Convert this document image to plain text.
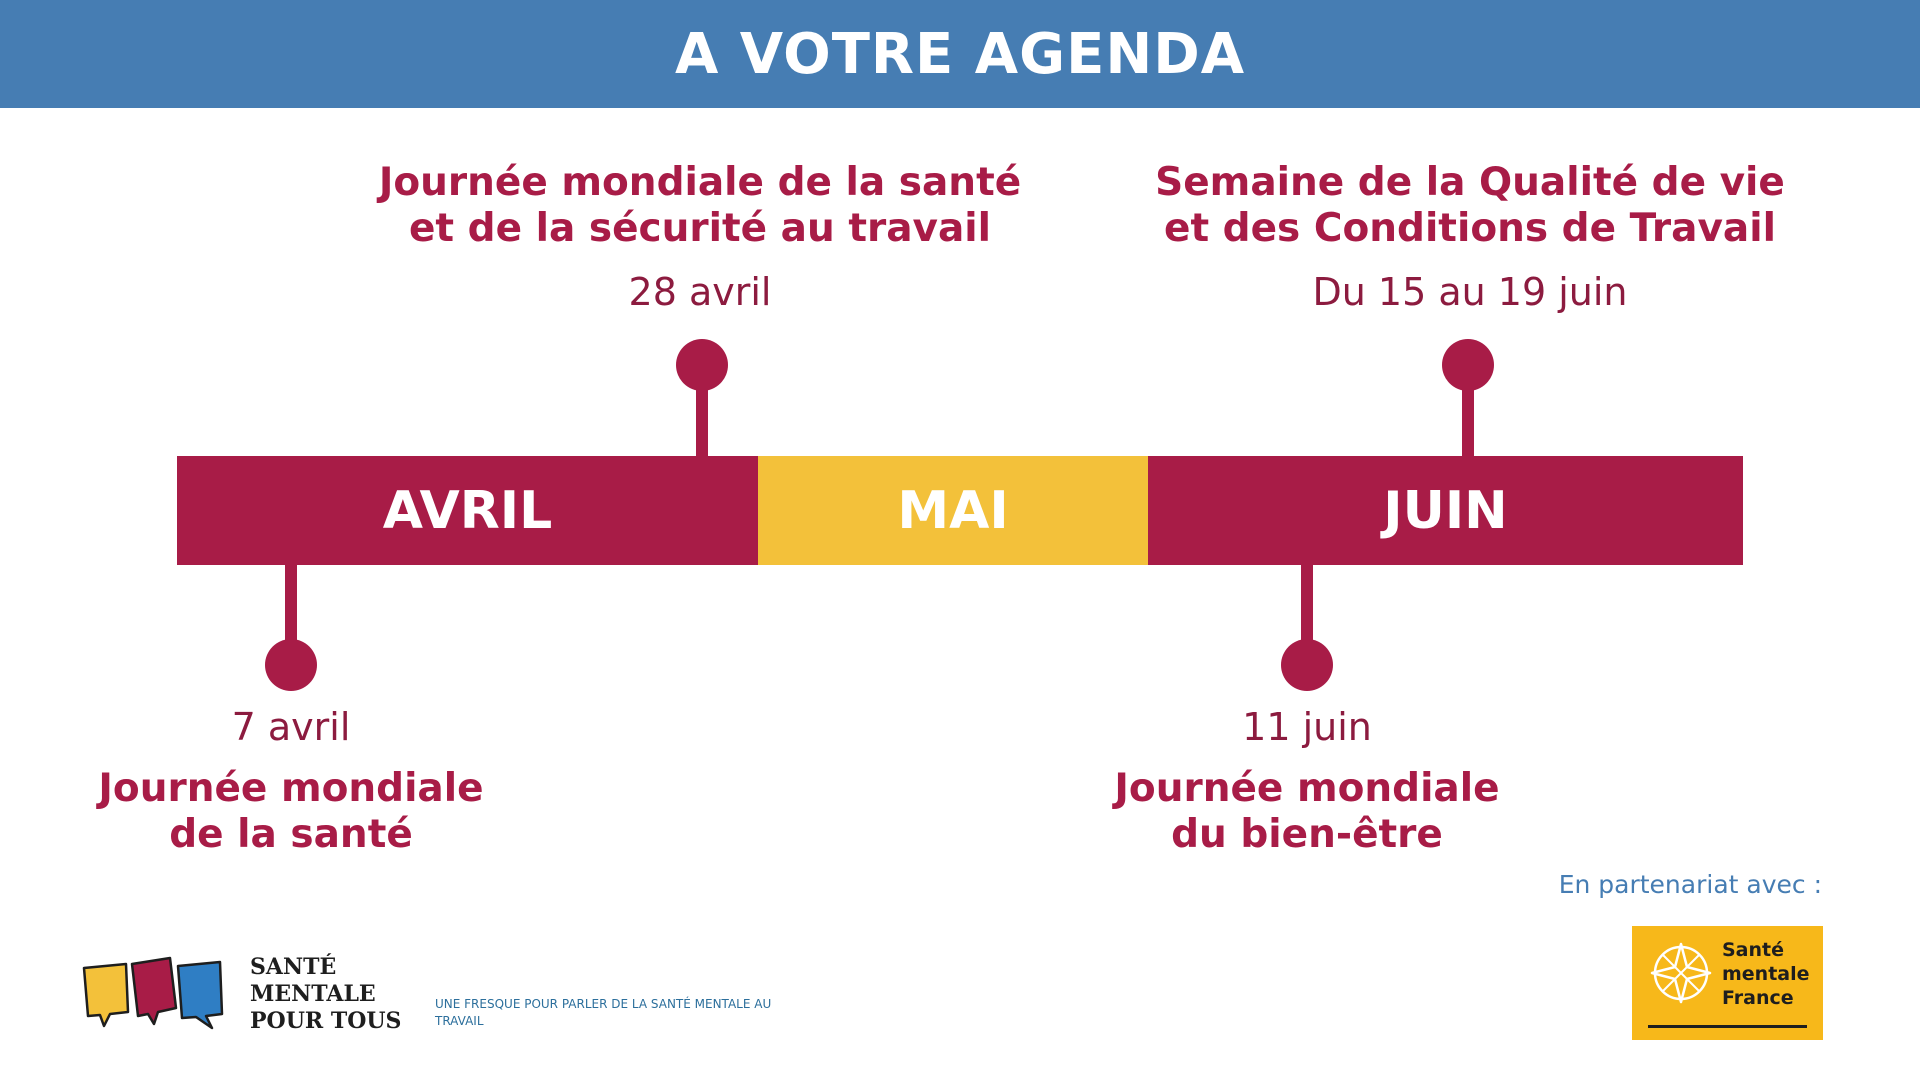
A VOTRE AGENDA
Journée mondiale de la santé
et de la sécurité au travail
28 avril
Semaine de la Qualité de vie
et des Conditions de Travail
Du 15 au 19 juin
AVRIL	MAI	JUIN
7 avril
Journée mondiale
de la santé
11 juin
Journée mondiale
du bien-être
En partenariat avec :
Santé
mentale
France
SANTÉ
MENTALE
POUR TOUS
UNE FRESQUE POUR PARLER DE LA SANTÉ MENTALE AU TRAVAIL
